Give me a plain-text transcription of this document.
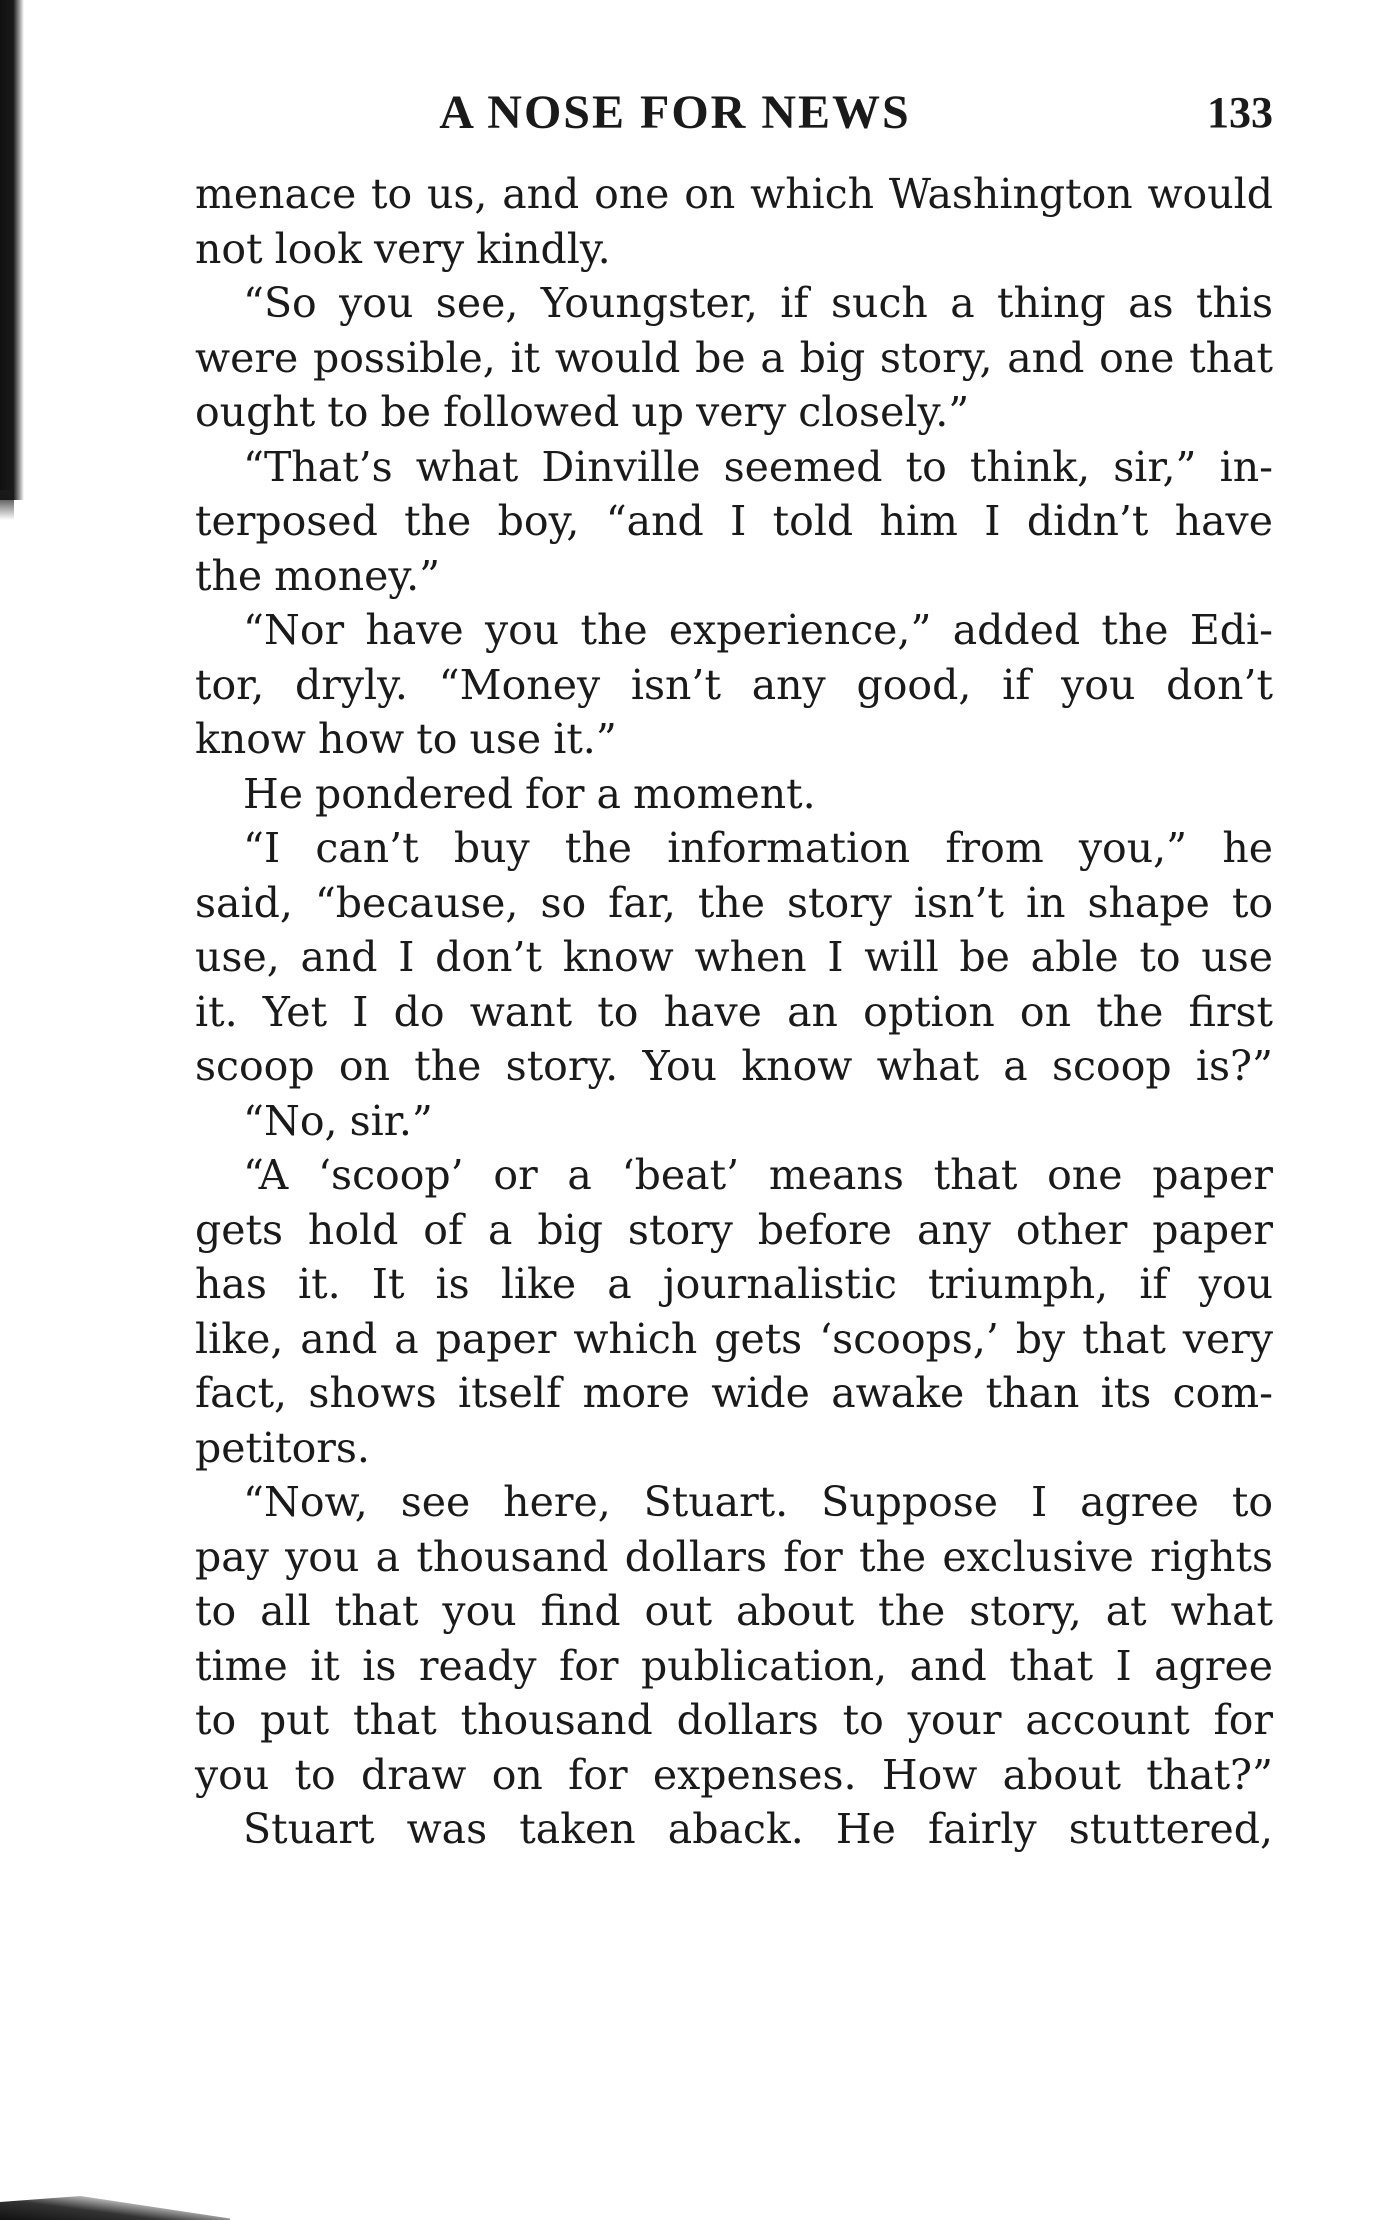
A NOSE FOR NEWS	133
menace to us, and one on which Washington would
not look very kindly.
“So you see, Youngster, if such a thing as this
were possible, it would be a big story, and one that
ought to be followed up very closely.”
“That’s what Dinville seemed to think, sir,” in-
terposed the boy, “and I told him I didn’t have
the money.”
“Nor have you the experience,” added the Edi-
tor, dryly. “Money isn’t any good, if you don’t
know how to use it.”
He pondered for a moment.
“I can’t buy the information from you,” he
said, “because, so far, the story isn’t in shape to
use, and I don’t know when I will be able to use
it. Yet I do want to have an option on the first
scoop on the story. You know what a scoop is?”
“No, sir.”
“A ‘scoop’ or a ‘beat’ means that one paper
gets hold of a big story before any other paper
has it. It is like a journalistic triumph, if you
like, and a paper which gets ‘scoops,’ by that very
fact, shows itself more wide awake than its com-
petitors.
“Now, see here, Stuart. Suppose I agree to
pay you a thousand dollars for the exclusive rights
to all that you find out about the story, at what
time it is ready for publication, and that I agree
to put that thousand dollars to your account for
you to draw on for expenses. How about that?”
Stuart was taken aback. He fairly stuttered,
